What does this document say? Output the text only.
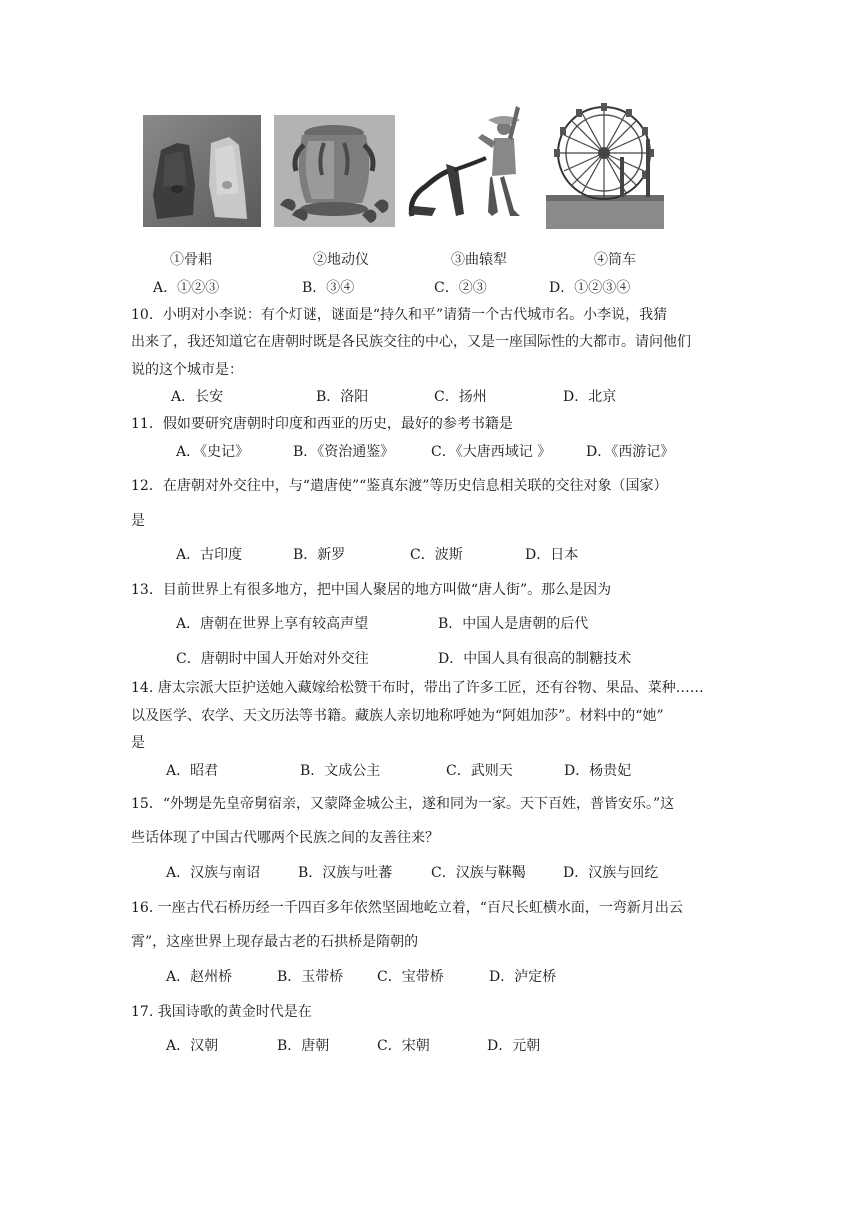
①骨耜	②地动仪	③曲辕犁	④筒车
A．①②③	B．③④	C．②③	D．①②③④
10．小明对小李说：有个灯谜，谜面是“持久和平”请猜一个古代城市名。小李说，我猜
出来了，我还知道它在唐朝时既是各民族交往的中心，又是一座国际性的大都市。请问他们
说的这个城市是：
A．长安	B．洛阳	C．扬州	D．北京
11．假如要研究唐朝时印度和西亚的历史，最好的参考书籍是
A．《史记》	B．《资治通鉴》	C．《大唐西域记 》 D．《西游记》
12．在唐朝对外交往中，与“遣唐使”“鉴真东渡”等历史信息相关联的交往对象（国家）
是
A．古印度	B．新罗	C．波斯	D．日本
13．目前世界上有很多地方，把中国人聚居的地方叫做“唐人街”。那么是因为
A．唐朝在世界上享有较高声望	B．中国人是唐朝的后代
C．唐朝时中国人开始对外交往	D．中国人具有很高的制糖技术
14. 唐太宗派大臣护送她入藏嫁给松赞干布时，带出了许多工匠，还有谷物、果品、菜种……
以及医学、农学、天文历法等书籍。藏族人亲切地称呼她为“阿姐加莎”。材料中的“她”
是
A．昭君	B．文成公主	C．武则天	D．杨贵妃
15．“外甥是先皇帝舅宿亲，又蒙降金城公主，遂和同为一家。天下百姓，普皆安乐。”这
些话体现了中国古代哪两个民族之间的友善往来？
A．汉族与南诏	B．汉族与吐蕃	C．汉族与靺鞨	D．汉族与回纥
16. 一座古代石桥历经一千四百多年依然坚固地屹立着，“百尺长虹横水面，一弯新月出云
霄”，这座世界上现存最古老的石拱桥是隋朝的
A．赵州桥	B．玉带桥 C．宝带桥	D．泸定桥
17. 我国诗歌的黄金时代是在
A．汉朝	B．唐朝	C．宋朝	D．元朝
